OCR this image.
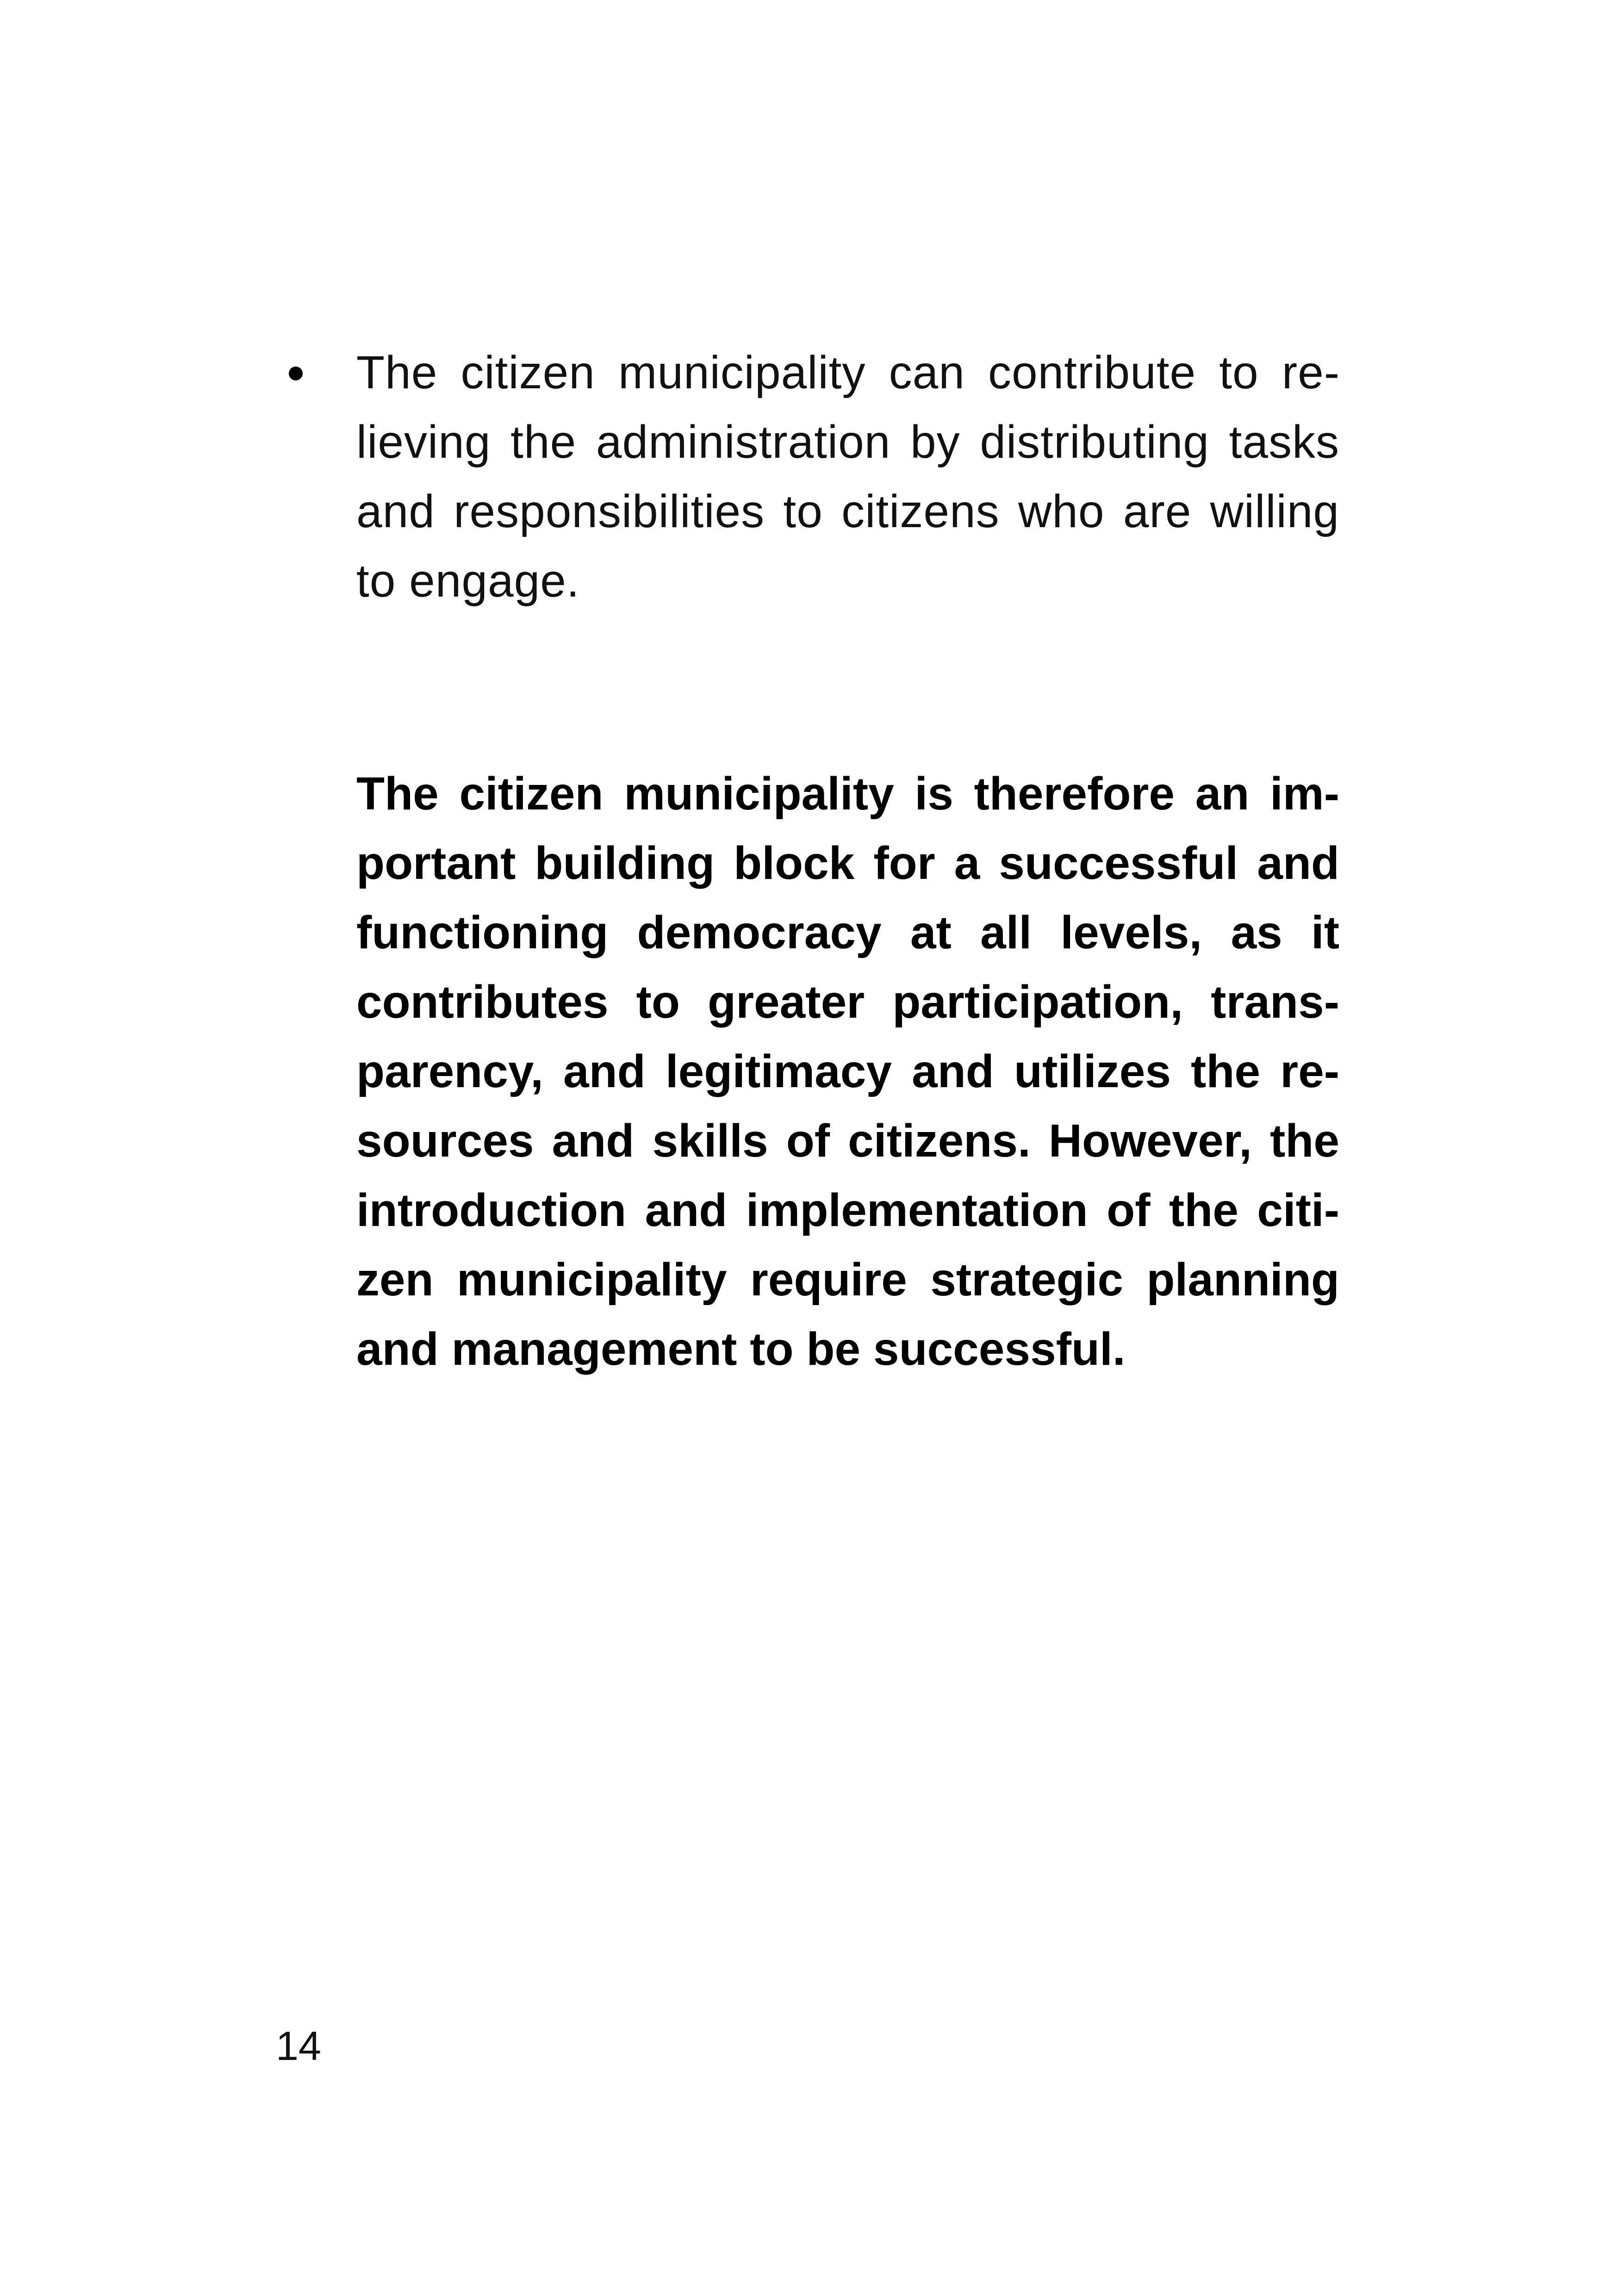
The citizen municipality can contribute to relieving the administration by distributing tasks and responsibilities to citizens who are willing to engage.

The citizen municipality is therefore an important building block for a successful and functioning democracy at all levels, as it contributes to greater participation, transparency, and legitimacy and utilizes the resources and skills of citizens. However, the introduction and implementation of the citizen municipality require strategic planning and management to be successful.

14
